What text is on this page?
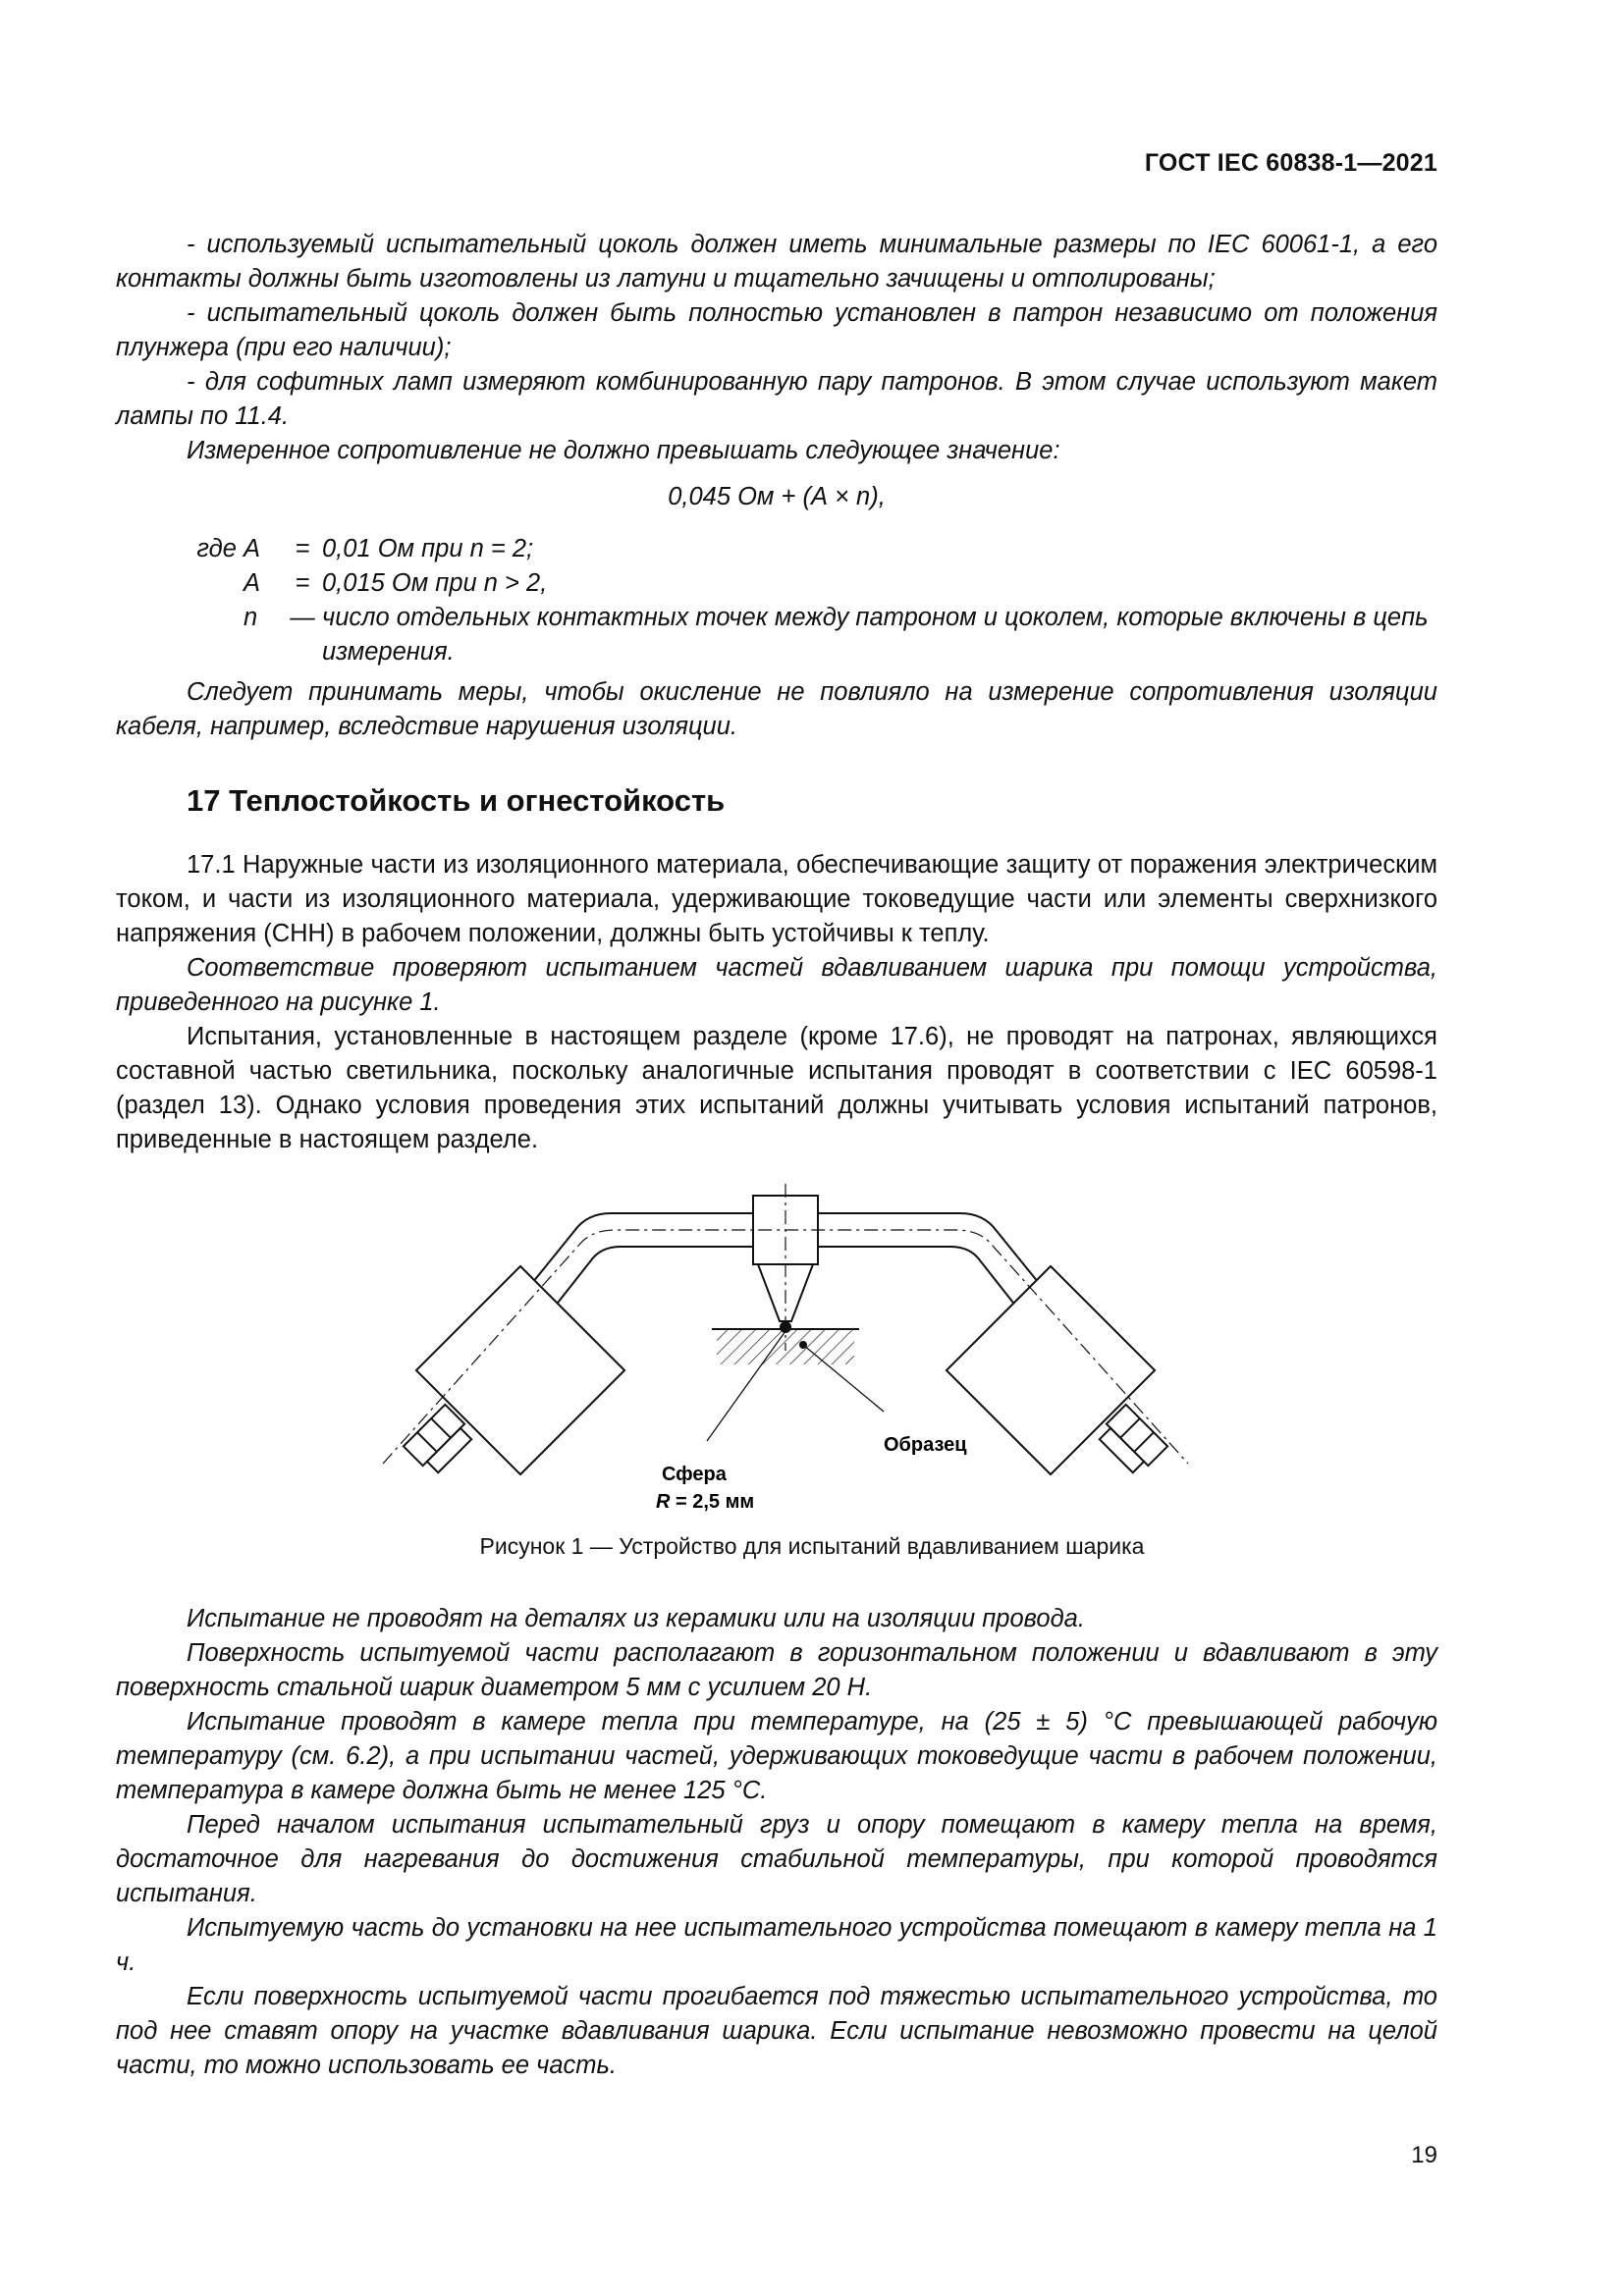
ГОСТ IEC 60838-1—2021

- используемый испытательный цоколь должен иметь минимальные размеры по IEC 60061-1, а его контакты должны быть изготовлены из латуни и тщательно зачищены и отполированы;

- испытательный цоколь должен быть полностью установлен в патрон независимо от положения плунжера (при его наличии);

- для софитных ламп измеряют комбинированную пару патронов. В этом случае используют макет лампы по 11.4.

Измеренное сопротивление не должно превышать следующее значение:

0,045 Ом + (А × n),
где
А	= 0,01 Ом при n = 2;
А	= 0,015 Ом при n > 2,
n	— число отдельных контактных точек между патроном и цоколем, которые включены в цепь измерения.

Следует принимать меры, чтобы окисление не повлияло на измерение сопротивления изоляции кабеля, например, вследствие нарушения изоляции.

17 Теплостойкость и огнестойкость

17.1 Наружные части из изоляционного материала, обеспечивающие защиту от поражения электрическим током, и части из изоляционного материала, удерживающие токоведущие части или элементы сверхнизкого напряжения (СНН) в рабочем положении, должны быть устойчивы к теплу.

Соответствие проверяют испытанием частей вдавливанием шарика при помощи устройства, приведенного на рисунке 1.

Испытания, установленные в настоящем разделе (кроме 17.6), не проводят на патронах, являющихся составной частью светильника, поскольку аналогичные испытания проводят в соответствии с IEC 60598-1 (раздел 13). Однако условия проведения этих испытаний должны учитывать условия испытаний патронов, приведенные в настоящем разделе.

Образец
Сфера
R = 2,5 мм
Рисунок 1 — Устройство для испытаний вдавливанием шарика

Испытание не проводят на деталях из керамики или на изоляции провода.

Поверхность испытуемой части располагают в горизонтальном положении и вдавливают в эту поверхность стальной шарик диаметром 5 мм с усилием 20 Н.

Испытание проводят в камере тепла при температуре, на (25 ± 5) °С превышающей рабочую температуру (см. 6.2), а при испытании частей, удерживающих токоведущие части в рабочем положении, температура в камере должна быть не менее 125 °С.

Перед началом испытания испытательный груз и опору помещают в камеру тепла на время, достаточное для нагревания до достижения стабильной температуры, при которой проводятся испытания.

Испытуемую часть до установки на нее испытательного устройства помещают в камеру тепла на 1 ч.

Если поверхность испытуемой части прогибается под тяжестью испытательного устройства, то под нее ставят опору на участке вдавливания шарика. Если испытание невозможно провести на целой части, то можно использовать ее часть.

19
